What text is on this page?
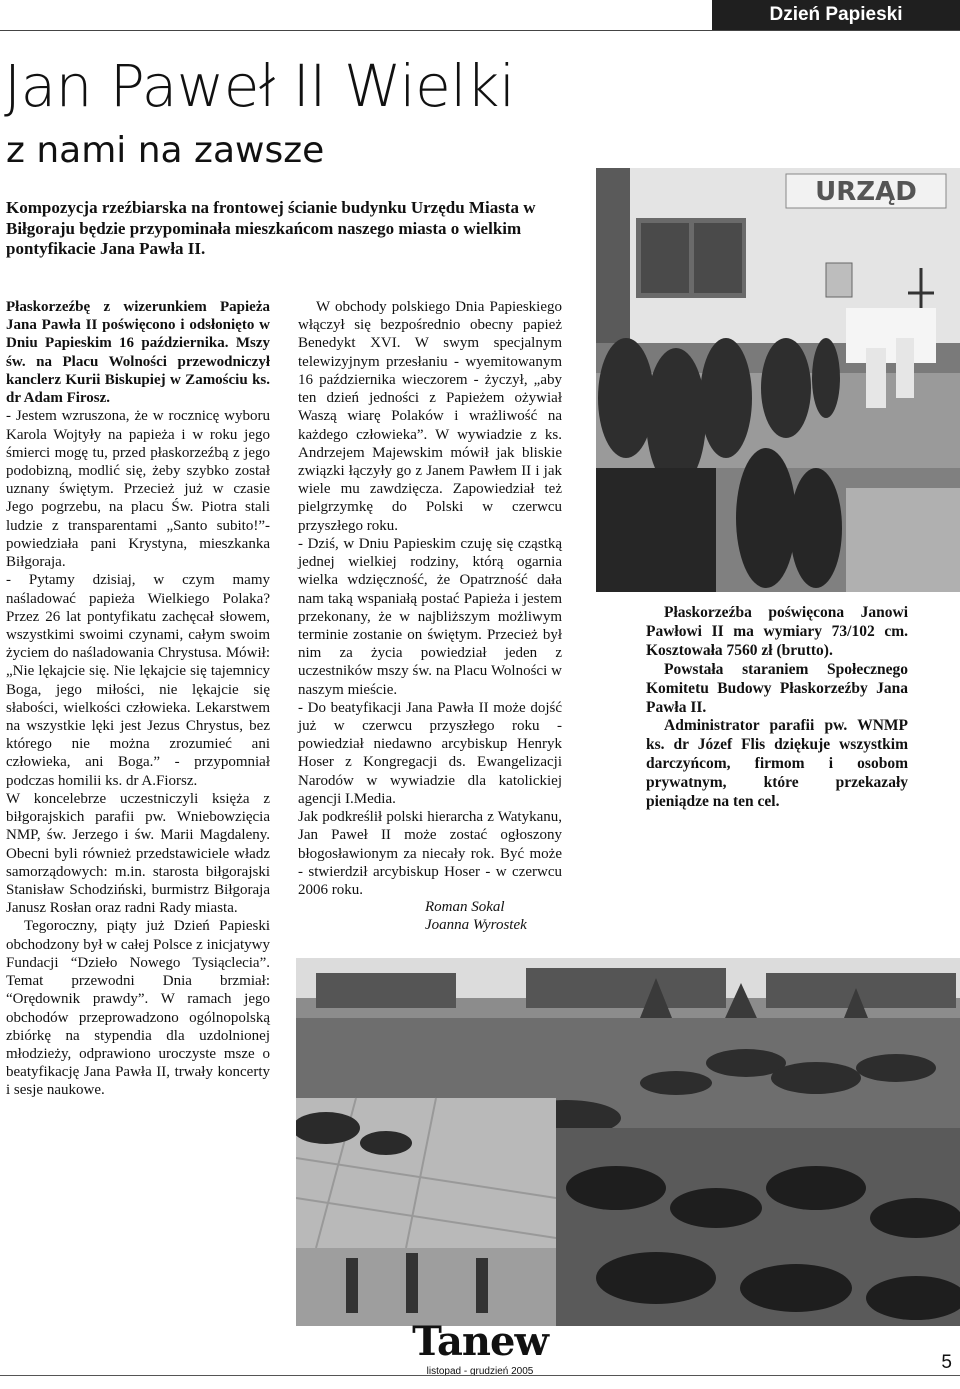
Dzień Papieski
Jan Paweł II Wielki
z nami na zawsze
Kompozycja rzeźbiarska na frontowej ścianie budynku Urzędu Miasta w Biłgoraju będzie przypominała mieszkańcom naszego miasta o wielkim pontyfikacie Jana Pawła II.

Płaskorzeźbę z wizerunkiem Papieża Jana Pawła II poświęcono i odsłonięto w Dniu Papieskim 16 października. Mszy św. na Placu Wolności przewodniczył kanclerz Kurii Biskupiej w Zamościu ks. dr Adam Firosz.

- Jestem wzruszona, że w rocznicę wyboru Karola Wojtyły na papieża i w roku jego śmierci mogę tu, przed płaskorzeźbą z jego podobizną, modlić się, żeby szybko został uznany świętym. Przecież już w czasie Jego pogrzebu, na placu Św. Piotra stali ludzie z transparentami „Santo subito!”- powiedziała pani Krystyna, mieszkanka Biłgoraja.

- Pytamy dzisiaj, w czym mamy naśladować papieża Wielkiego Polaka? Przez 26 lat pontyfikatu zachęcał słowem, wszystkimi swoimi czynami, całym swoim życiem do naśladowania Chrystusa. Mówił: „Nie lękajcie się. Nie lękajcie się tajemnicy Boga, jego miłości, nie lękajcie się słabości, wielkości człowieka. Lekarstwem na wszystkie lęki jest Jezus Chrystus, bez którego nie można zrozumieć ani człowieka, ani Boga.” - przypomniał podczas homilii ks. dr A.Fiorsz.

W koncelebrze uczestniczyli księża z biłgorajskich parafii pw. Wniebowzięcia NMP, św. Jerzego i św. Marii Magdaleny. Obecni byli również przedstawiciele władz samorządowych: m.in. starosta biłgorajski Stanisław Schodziński, burmistrz Biłgoraja Janusz Rosłan oraz radni Rady miasta.

Tegoroczny, piąty już Dzień Papieski obchodzony był w całej Polsce z inicjatywy Fundacji “Dzieło Nowego Tysiąclecia”. Temat przewodni Dnia brzmiał: “Orędownik prawdy”. W ramach jego obchodów przeprowadzono ogólnopolską zbiórkę na stypendia dla uzdolnionej młodzieży, odprawiono uroczyste msze o beatyfikację Jana Pawła II, trwały koncerty i sesje naukowe.

W obchody polskiego Dnia Papieskiego włączył się bezpośrednio obecny papież Benedykt XVI. W swym specjalnym telewizyjnym przesłaniu - wyemitowanym 16 października wieczorem - życzył, „aby ten dzień jedności z Papieżem ożywiał Waszą wiarę Polaków i wrażliwość na każdego człowieka”. W wywiadzie z ks. Andrzejem Majewskim mówił jak bliskie związki łączyły go z Janem Pawłem II i jak wiele mu zawdzięcza. Zapowiedział też pielgrzymkę do Polski w czerwcu przyszłego roku.

- Dziś, w Dniu Papieskim czuję się cząstką jednej wielkiej rodziny, którą ogarnia wielka wdzięczność, że Opatrzność dała nam taką wspaniałą postać Papieża i jestem przekonany, że w najbliższym możliwym terminie zostanie on świętym. Przecież był nim za życia powiedział jeden z uczestników mszy św. na Placu Wolności w naszym mieście.

- Do beatyfikacji Jana Pawła II może dojść już w czerwcu przyszłego roku - powiedział niedawno arcybiskup Henryk Hoser z Kongregacji ds. Ewangelizacji Narodów w wywiadzie dla katolickiej agencji I.Media.

Jak podkreślił polski hierarcha z Watykanu, Jan Paweł II może zostać ogłoszony błogosławionym za niecały rok. Być może - stwierdził arcybiskup Hoser - w czerwcu 2006 roku.

Roman Sokal
Joanna Wyrostek
URZĄD

Płaskorzeźba poświęcona Janowi Pawłowi II ma wymiary 73/102 cm. Kosztowała 7560 zł (brutto).

Powstała staraniem Społecznego Komitetu Budowy Płaskorzeźby Jana Pawła II.

Administrator parafii pw. WNMP ks. dr Józef Flis dziękuje wszystkim darczyńcom, firmom i osobom prywatnym, które przekazały pieniądze na ten cel.

Tanew
listopad - grudzień 2005	5
